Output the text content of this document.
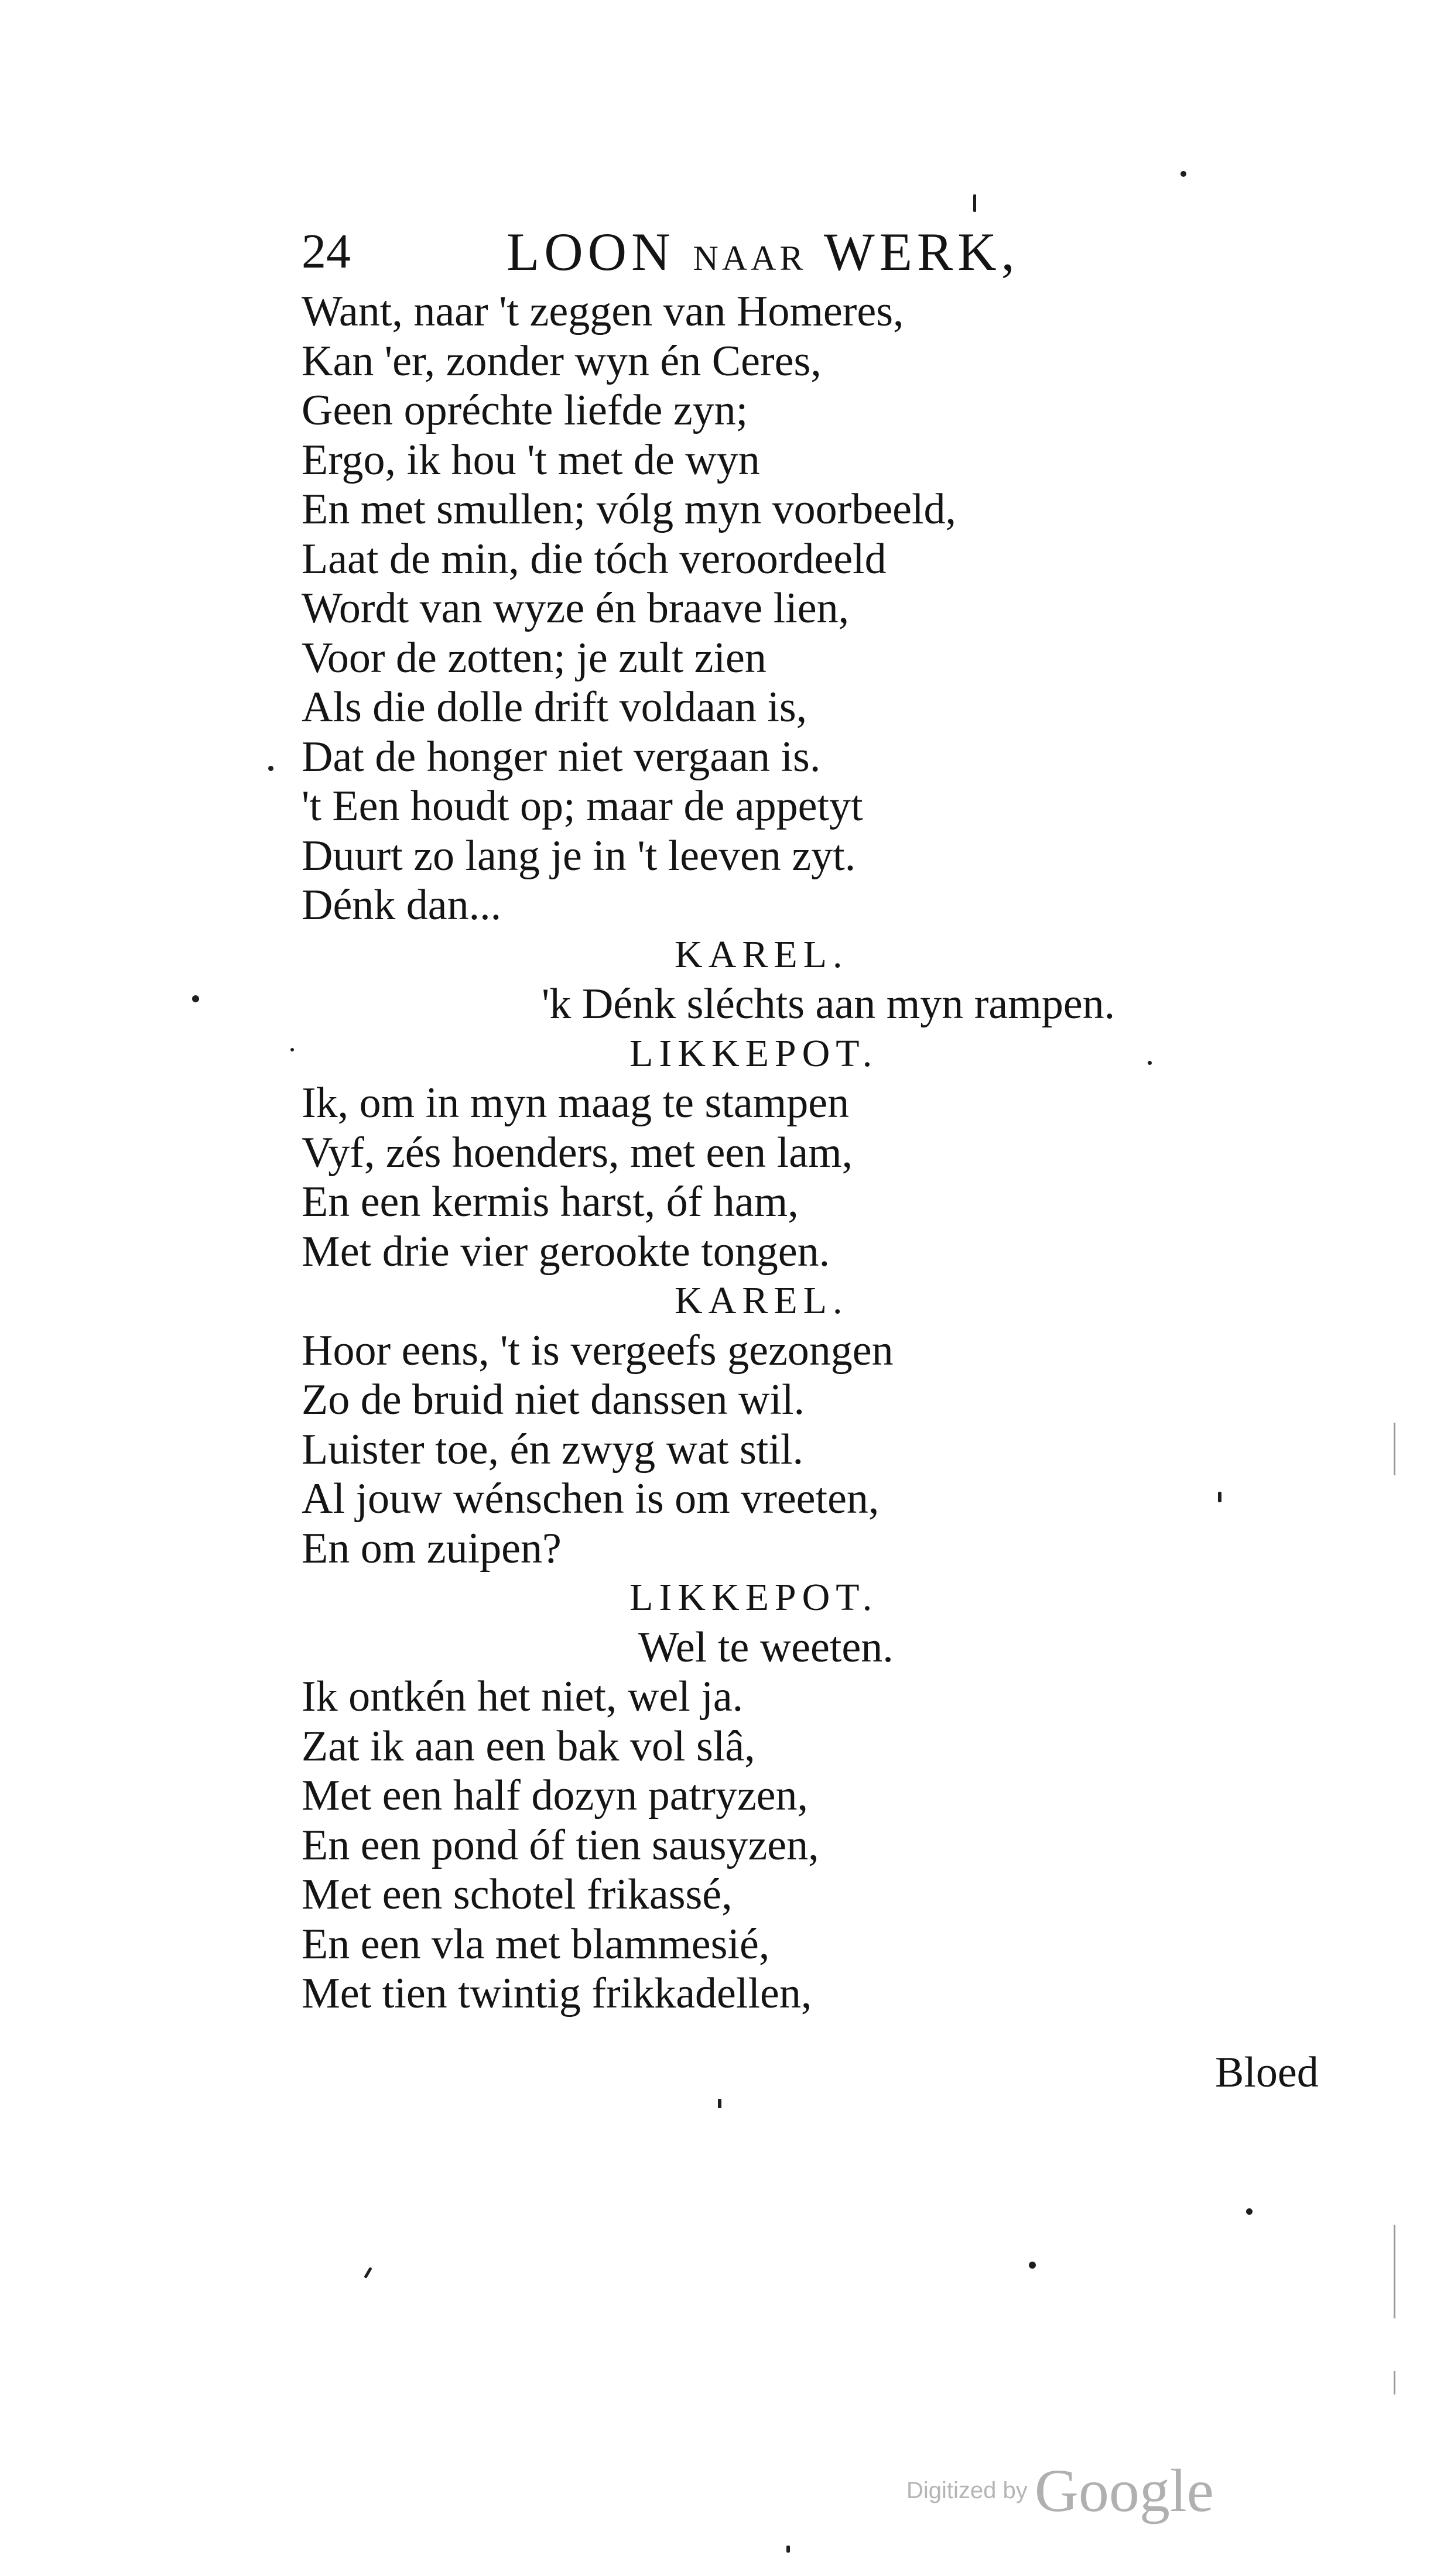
24	LOON NAAR WERK,
Want, naar 't zeggen van Homeres,
Kan 'er, zonder wyn én Ceres,
Geen opréchte liefde zyn;
Ergo, ik hou 't met de wyn
En met smullen; vólg myn voorbeeld,
Laat de min, die tóch veroordeeld
Wordt van wyze én braave lien,
Voor de zotten; je zult zien
Als die dolle drift voldaan is,
Dat de honger niet vergaan is.
't Een houdt op; maar de appetyt
Duurt zo lang je in 't leeven zyt.
Dénk dan...
KAREL.
'k Dénk sléchts aan myn rampen.
LIKKEPOT.
Ik, om in myn maag te stampen
Vyf, zés hoenders, met een lam,
En een kermis harst, óf ham,
Met drie vier gerookte tongen.
KAREL.
Hoor eens, 't is vergeefs gezongen
Zo de bruid niet danssen wil.
Luister toe, én zwyg wat stil.
Al jouw wénschen is om vreeten,
En om zuipen?
LIKKEPOT.
Wel te weeten.
Ik ontkén het niet, wel ja.
Zat ik aan een bak vol slâ,
Met een half dozyn patryzen,
En een pond óf tien sausyzen,
Met een schotel frikassé,
En een vla met blammesié,
Met tien twintig frikkadellen,
Bloed
Digitized by Google
